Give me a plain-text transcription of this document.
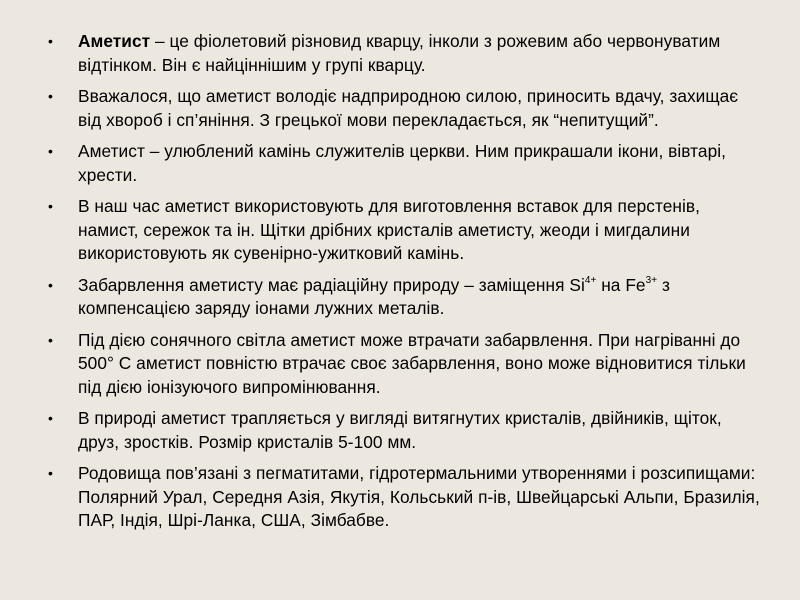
•	Аметист – це фіолетовий різновид кварцу, інколи з рожевим або червонуватим відтінком. Він є найціннішим у групі кварцу.
•	Вважалося, що аметист володіє надприродною силою, приносить вдачу, захищає від хвороб і сп’яніння. З грецької мови перекладається, як “непитущий”.
•	Аметист – улюблений камінь служителів церкви. Ним прикрашали ікони, вівтарі, хрести.
•	В наш час аметист використовують для виготовлення вставок для перстенів, намист, сережок та ін. Щітки дрібних кристалів аметисту, жеоди і мигдалини використовують як сувенірно-ужитковий камінь.
•	Забарвлення аметисту має радіаційну природу – заміщення $Si^{4+}$ на $Fe^{3+}$ з компенсацією заряду іонами лужних металів.
•	Під дією сонячного світла аметист може втрачати забарвлення. При нагріванні до 500° С аметист повністю втрачає своє забарвлення, воно може відновитися тільки під дією іонізуючого випромінювання.
•	В природі аметист трапляється у вигляді витягнутих кристалів, двійників, щіток, друз, зростків. Розмір кристалів 5-100 мм.
•	Родовища пов’язані з пегматитами, гідротермальними утвореннями і розсипищами: Полярний Урал, Середня Азія, Якутія, Кольський п-ів, Швейцарські Альпи, Бразилія, ПАР, Індія, Шрі-Ланка, США, Зімбабве.
